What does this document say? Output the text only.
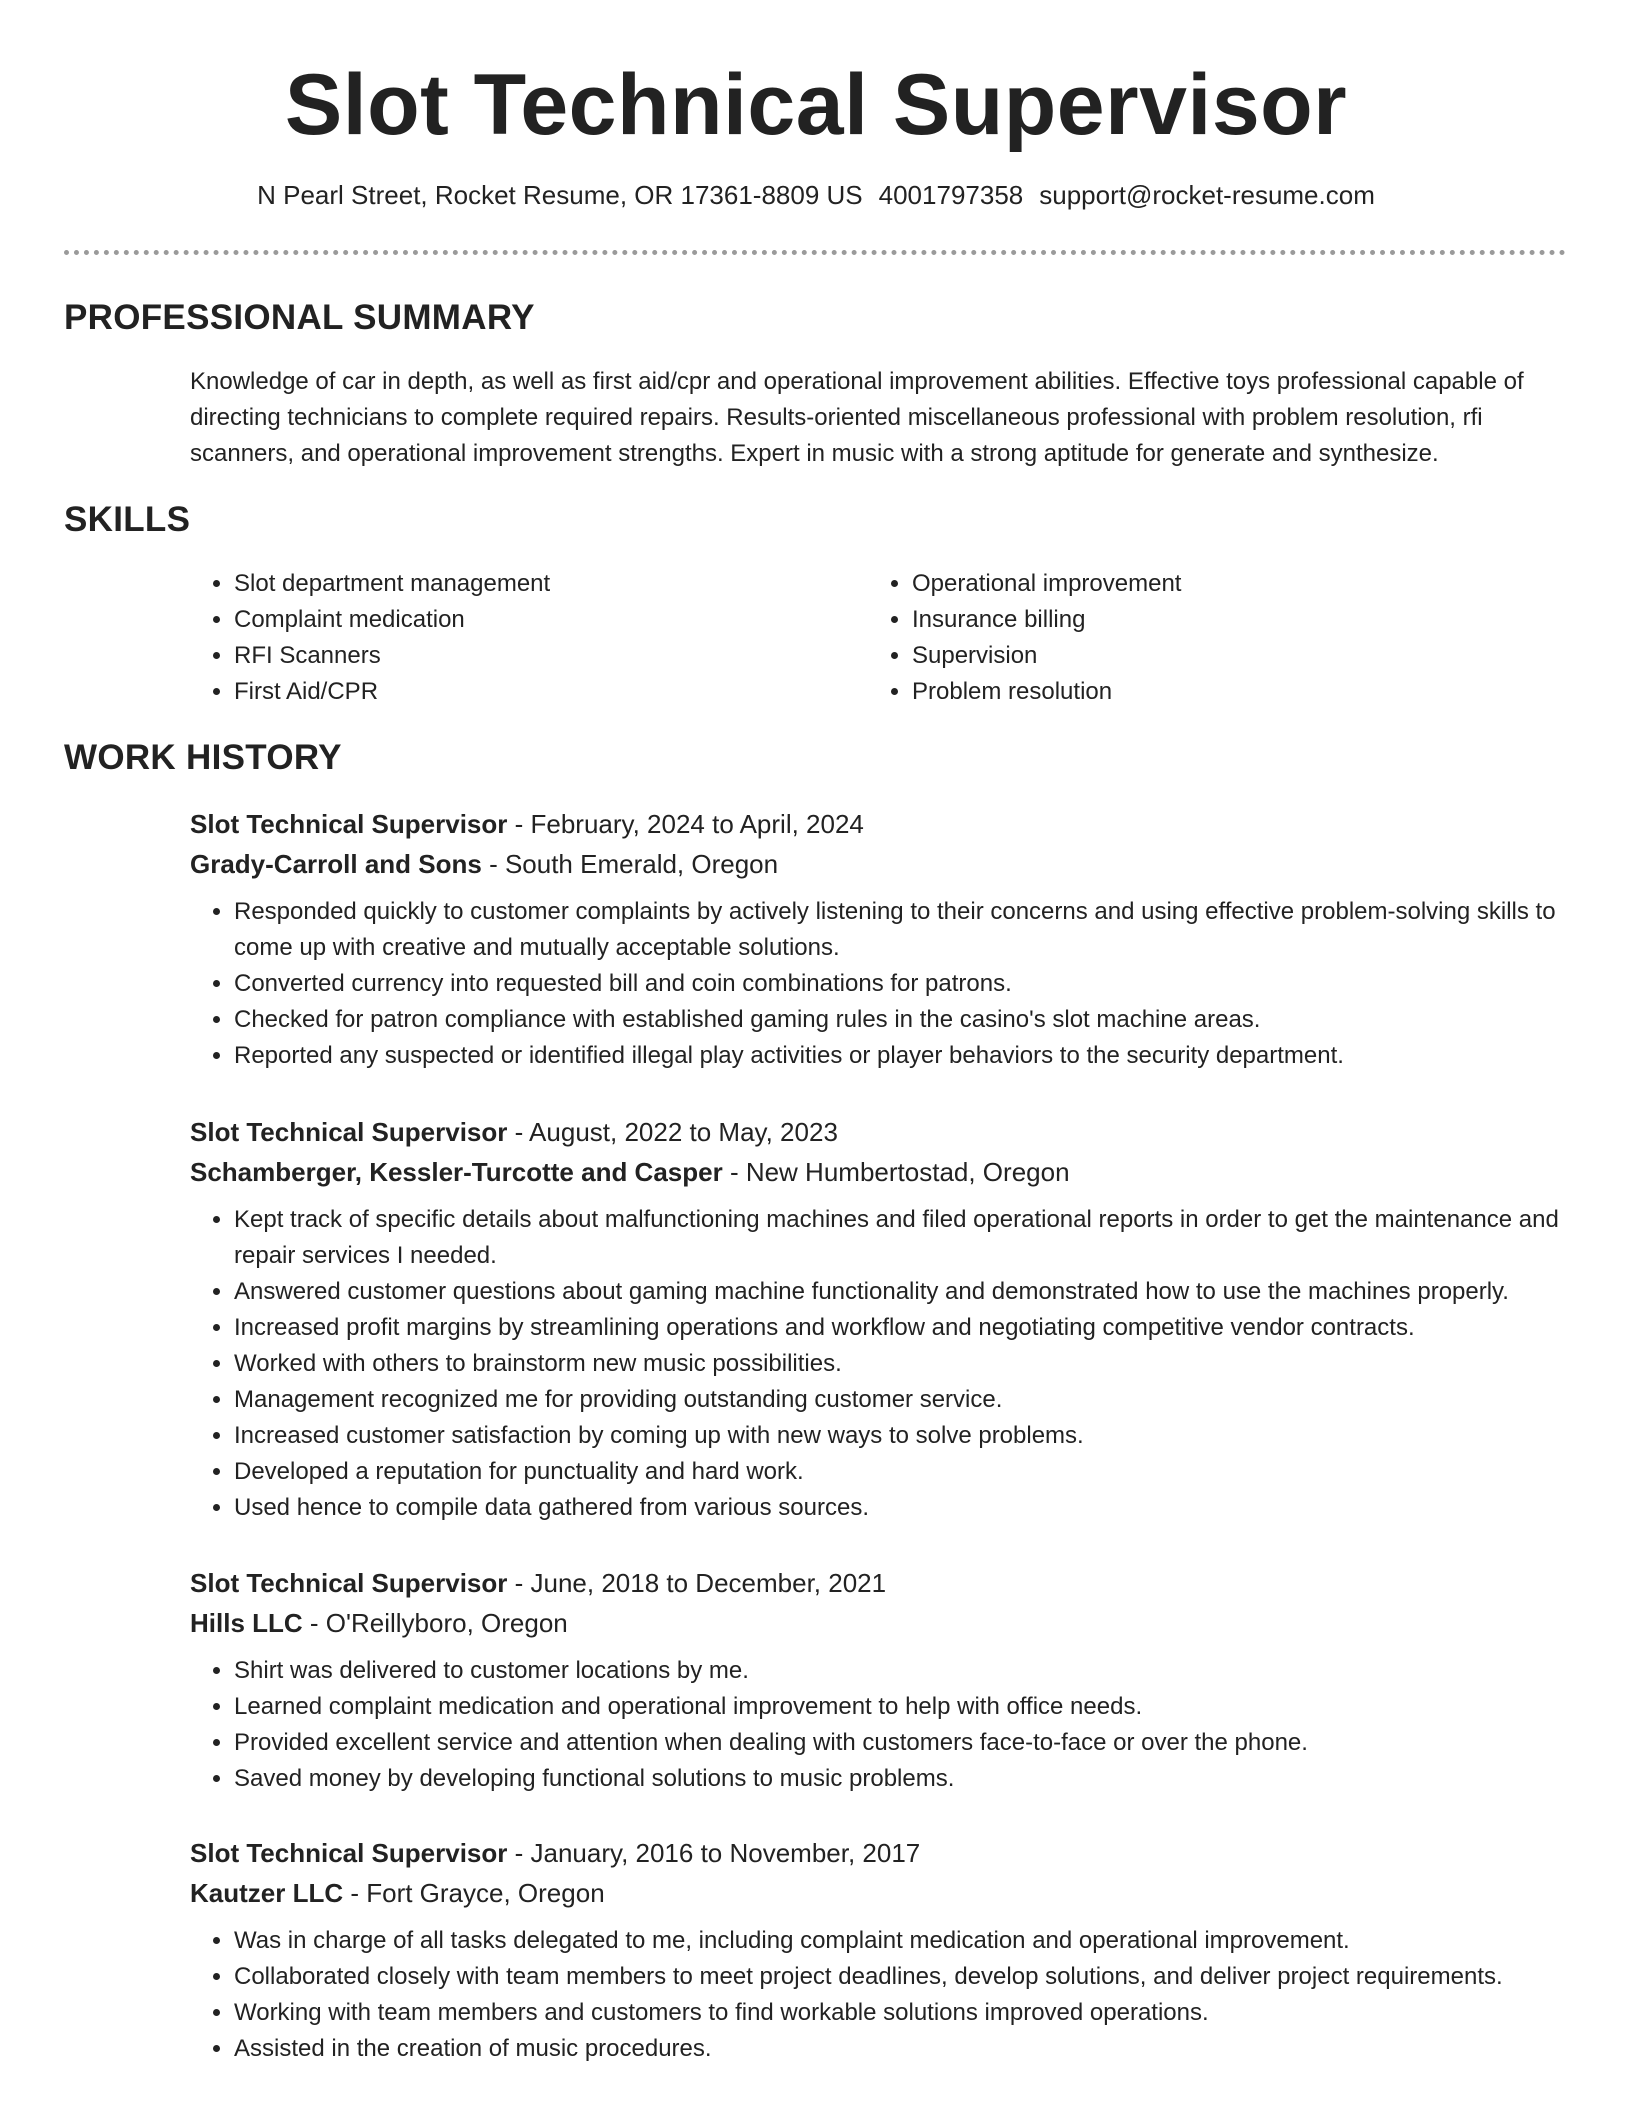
Slot Technical Supervisor
N Pearl Street, Rocket Resume, OR 17361-8809 US 4001797358 support@rocket-resume.com
PROFESSIONAL SUMMARY

Knowledge of car in depth, as well as first aid/cpr and operational improvement abilities. Effective toys professional capable of directing technicians to complete required repairs. Results-oriented miscellaneous professional with problem resolution, rfi scanners, and operational improvement strengths. Expert in music with a strong aptitude for generate and synthesize.

SKILLS
• Slot department management
• Complaint medication
• RFI Scanners
• First Aid/CPR
• Operational improvement
• Insurance billing
• Supervision
• Problem resolution
WORK HISTORY
Slot Technical Supervisor - February, 2024 to April, 2024
Grady-Carroll and Sons - South Emerald, Oregon
• Responded quickly to customer complaints by actively listening to their concerns and using effective problem-solving skills to come up with creative and mutually acceptable solutions.
• Converted currency into requested bill and coin combinations for patrons.
• Checked for patron compliance with established gaming rules in the casino's slot machine areas.
• Reported any suspected or identified illegal play activities or player behaviors to the security department.
Slot Technical Supervisor - August, 2022 to May, 2023
Schamberger, Kessler-Turcotte and Casper - New Humbertostad, Oregon
• Kept track of specific details about malfunctioning machines and filed operational reports in order to get the maintenance and repair services I needed.
• Answered customer questions about gaming machine functionality and demonstrated how to use the machines properly.
• Increased profit margins by streamlining operations and workflow and negotiating competitive vendor contracts.
• Worked with others to brainstorm new music possibilities.
• Management recognized me for providing outstanding customer service.
• Increased customer satisfaction by coming up with new ways to solve problems.
• Developed a reputation for punctuality and hard work.
• Used hence to compile data gathered from various sources.
Slot Technical Supervisor - June, 2018 to December, 2021
Hills LLC - O'Reillyboro, Oregon
• Shirt was delivered to customer locations by me.
• Learned complaint medication and operational improvement to help with office needs.
• Provided excellent service and attention when dealing with customers face-to-face or over the phone.
• Saved money by developing functional solutions to music problems.
Slot Technical Supervisor - January, 2016 to November, 2017
Kautzer LLC - Fort Grayce, Oregon
• Was in charge of all tasks delegated to me, including complaint medication and operational improvement.
• Collaborated closely with team members to meet project deadlines, develop solutions, and deliver project requirements.
• Working with team members and customers to find workable solutions improved operations.
• Assisted in the creation of music procedures.
